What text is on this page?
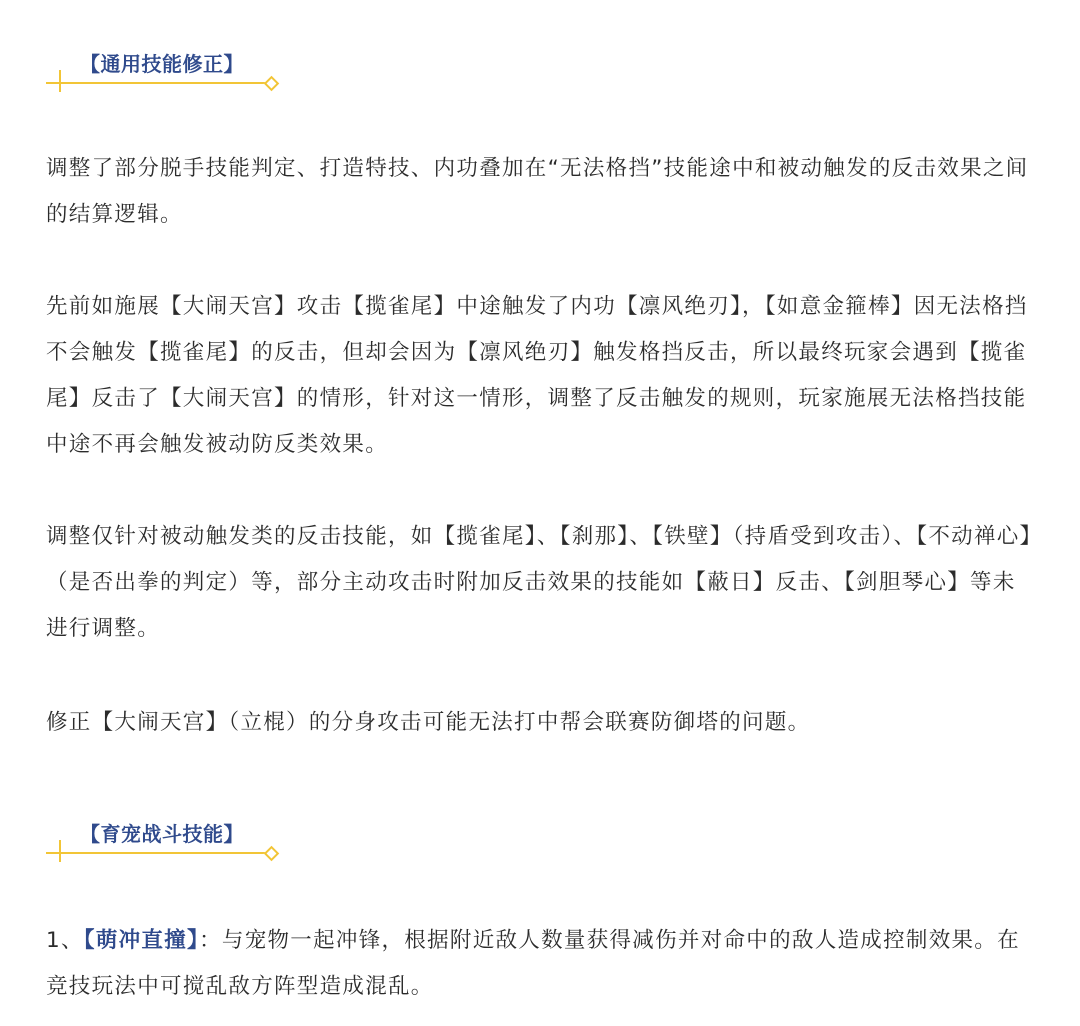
【通用技能修正】

调整了部分脱手技能判定、打造特技、内功叠加在“无法格挡”技能途中和被动触发的反击效果之间的结算逻辑。

先前如施展【大闹天宫】攻击【揽雀尾】中途触发了内功【凛风绝刃】，【如意金箍棒】因无法格挡不会触发【揽雀尾】的反击，但却会因为【凛风绝刃】触发格挡反击，所以最终玩家会遇到【揽雀尾】反击了【大闹天宫】的情形，针对这一情形，调整了反击触发的规则，玩家施展无法格挡技能中途不再会触发被动防反类效果。

调整仅针对被动触发类的反击技能，如【揽雀尾】、【刹那】、【铁壁】（持盾受到攻击）、【不动禅心】（是否出拳的判定）等，部分主动攻击时附加反击效果的技能如【蔽日】反击、【剑胆琴心】等未进行调整。

修正【大闹天宫】（立棍）的分身攻击可能无法打中帮会联赛防御塔的问题。

【育宠战斗技能】

1、【萌冲直撞】：与宠物一起冲锋，根据附近敌人数量获得减伤并对命中的敌人造成控制效果。在竞技玩法中可搅乱敌方阵型造成混乱。
